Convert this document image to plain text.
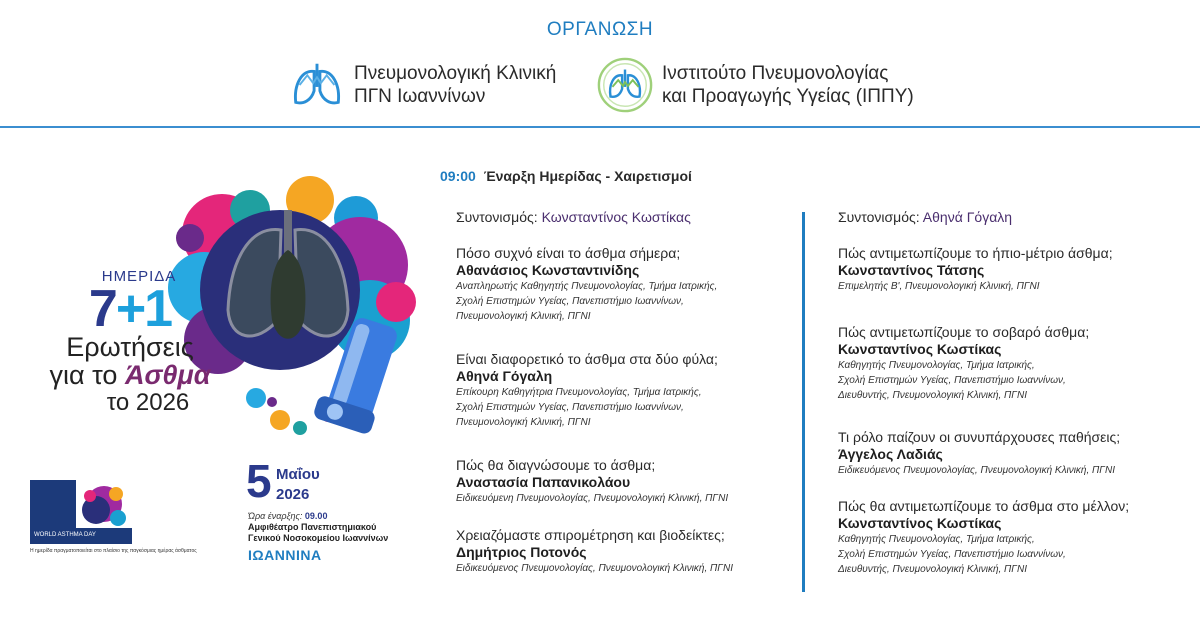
ΟΡΓΑΝΩΣΗ
Πνευμονολογική Κλινική
ΠΓΝ Ιωαννίνων
Ινστιτούτο Πνευμονολογίας
και Προαγωγής Υγείας (ΙΠΠΥ)
ΗΜΕΡΙΔΑ
7+1
Ερωτήσεις
για το Άσθμα
το 2026
WORLD ASTHMA DAY
Η ημερίδα πραγματοποιείται στο πλαίσιο της παγκόσμιας ημέρας άσθματος
5 Μαΐου
2026
Ώρα έναρξης: 09.00
Αμφιθέατρο Πανεπιστημιακού
Γενικού Νοσοκομείου Ιωαννίνων
ΙΩΑΝΝΙΝΑ
09:00 Έναρξη Ημερίδας - Χαιρετισμοί
Συντονισμός: Κωνσταντίνος Κωστίκας
Πόσο συχνό είναι το άσθμα σήμερα;
Αθανάσιος Κωνσταντινίδης
Αναπληρωτής Καθηγητής Πνευμονολογίας, Τμήμα Ιατρικής,
Σχολή Επιστημών Υγείας, Πανεπιστήμιο Ιωαννίνων,
Πνευμονολογική Κλινική, ΠΓΝΙ
Είναι διαφορετικό το άσθμα στα δύο φύλα;
Αθηνά Γόγαλη
Επίκουρη Καθηγήτρια Πνευμονολογίας, Τμήμα Ιατρικής,
Σχολή Επιστημών Υγείας, Πανεπιστήμιο Ιωαννίνων,
Πνευμονολογική Κλινική, ΠΓΝΙ
Πώς θα διαγνώσουμε το άσθμα;
Αναστασία Παπανικολάου
Ειδικευόμενη Πνευμονολογίας, Πνευμονολογική Κλινική, ΠΓΝΙ
Χρειαζόμαστε σπιρομέτρηση και βιοδείκτες;
Δημήτριος Ποτονός
Ειδικευόμενος Πνευμονολογίας, Πνευμονολογική Κλινική, ΠΓΝΙ
Συντονισμός: Αθηνά Γόγαλη
Πώς αντιμετωπίζουμε το ήπιο-μέτριο άσθμα;
Κωνσταντίνος Τάτσης
Επιμελητής Β', Πνευμονολογική Κλινική, ΠΓΝΙ
Πώς αντιμετωπίζουμε το σοβαρό άσθμα;
Κωνσταντίνος Κωστίκας
Καθηγητής Πνευμονολογίας, Τμήμα Ιατρικής,
Σχολή Επιστημών Υγείας, Πανεπιστήμιο Ιωαννίνων,
Διευθυντής, Πνευμονολογική Κλινική, ΠΓΝΙ
Τι ρόλο παίζουν οι συνυπάρχουσες παθήσεις;
Άγγελος Λαδιάς
Ειδικευόμενος Πνευμονολογίας, Πνευμονολογική Κλινική, ΠΓΝΙ
Πώς θα αντιμετωπίζουμε το άσθμα στο μέλλον;
Κωνσταντίνος Κωστίκας
Καθηγητής Πνευμονολογίας, Τμήμα Ιατρικής,
Σχολή Επιστημών Υγείας, Πανεπιστήμιο Ιωαννίνων,
Διευθυντής, Πνευμονολογική Κλινική, ΠΓΝΙ
